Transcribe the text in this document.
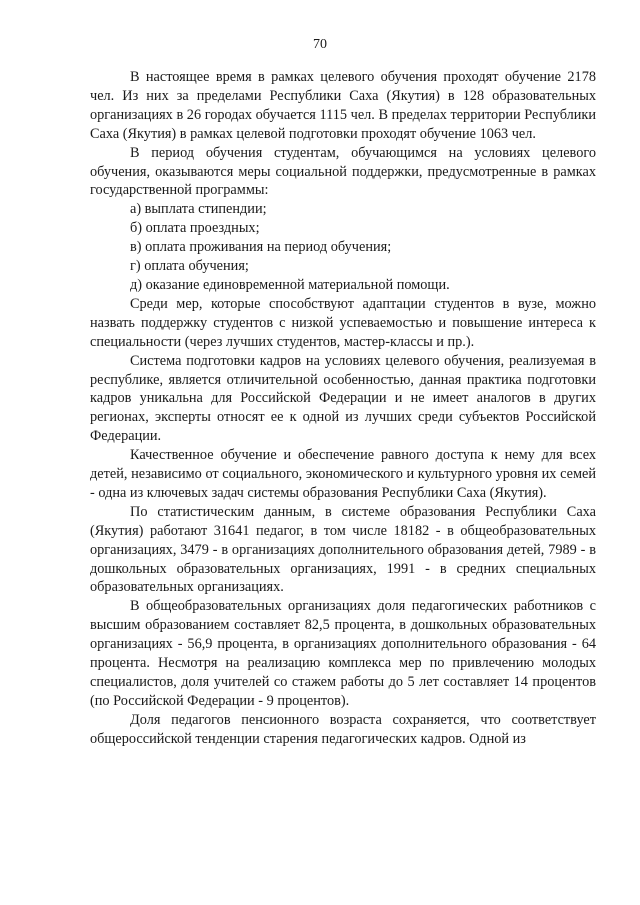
70

В настоящее время в рамках целевого обучения проходят обучение 2178 чел. Из них за пределами Республики Саха (Якутия) в 128 образовательных организациях в 26 городах обучается 1115 чел. В пределах территории Республики Саха (Якутия) в рамках целевой подготовки проходят обучение 1063 чел.

В период обучения студентам, обучающимся на условиях целевого обучения, оказываются меры социальной поддержки, предусмотренные в рамках государственной программы:

а) выплата стипендии;

б) оплата проездных;

в) оплата проживания на период обучения;

г) оплата обучения;

д) оказание единовременной материальной помощи.

Среди мер, которые способствуют адаптации студентов в вузе, можно назвать поддержку студентов с низкой успеваемостью и повышение интереса к специальности (через лучших студентов, мастер-классы и пр.).

Система подготовки кадров на условиях целевого обучения, реализуемая в республике, является отличительной особенностью, данная практика подготовки кадров уникальна для Российской Федерации и не имеет аналогов в других регионах, эксперты относят ее к одной из лучших среди субъектов Российской Федерации.

Качественное обучение и обеспечение равного доступа к нему для всех детей, независимо от социального, экономического и культурного уровня их семей - одна из ключевых задач системы образования Республики Саха (Якутия).

По статистическим данным, в системе образования Республики Саха (Якутия) работают 31641 педагог, в том числе 18182 - в общеобразовательных организациях, 3479 - в организациях дополнительного образования детей, 7989 - в дошкольных образовательных организациях, 1991 - в средних специальных образовательных организациях.

В общеобразовательных организациях доля педагогических работников с высшим образованием составляет 82,5 процента, в дошкольных образовательных организациях - 56,9 процента, в организациях дополнительного образования - 64 процента. Несмотря на реализацию комплекса мер по привлечению молодых специалистов, доля учителей со стажем работы до 5 лет составляет 14 процентов (по Российской Федерации - 9 процентов).

Доля педагогов пенсионного возраста сохраняется, что соответствует общероссийской тенденции старения педагогических кадров. Одной из
